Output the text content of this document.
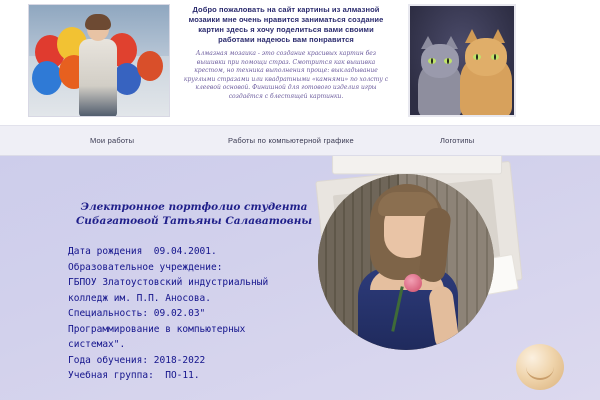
Добро пожаловать на сайт картины из алмазной мозаики мне очень нравится заниматься создание картин здесь я хочу поделиться вами своими работами надеюсь вам понравится

Алмазная мозаика - это создание красивых картин без вышивки при помощи страз. Смотрится как вышивка крестом, но техника выполнения проще: выкладывание круглыми стразами или квадратными «камнями» по холсту с клеевой основой. Финишной для готового изделия игры создаётся с блестящей картинки.

Мои работы	Работы по компьютерной графике	Логотипы
Электронное портфолио студента Сибагатовой Татьяны Салаватовны
Дата рождения  09.04.2001.
Образовательное учреждение:
ГБПОУ Златоустовский индустриальный
колледж им. П.П. Аносова.
Специальность: 09.02.03"
Программирование в компьютерных
системах".
Года обучения: 2018-2022
Учебная группа:  ПО-11.
